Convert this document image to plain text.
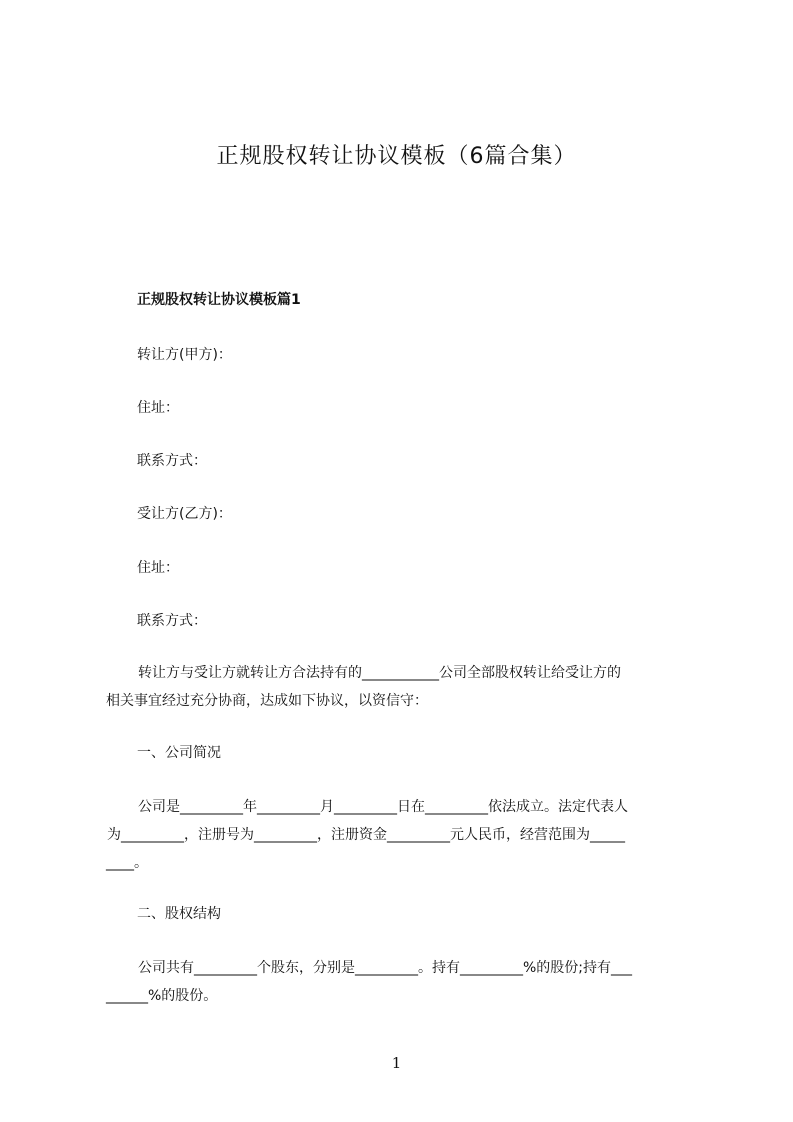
正规股权转让协议模板（6篇合集）
正规股权转让协议模板篇1
转让方(甲方)：
住址：
联系方式：
受让方(乙方)：
住址：
联系方式：
转让方与受让方就转让方合法持有的___________公司全部股权转让给受让方的
相关事宜经过充分协商，达成如下协议，以资信守：
一、公司简况
公司是_________年_________月_________日在_________依法成立。法定代表人
为_________，注册号为_________，注册资金_________元人民币，经营范围为_____
____。
二、股权结构
公司共有_________个股东，分别是_________。持有_________%的股份;持有___
______%的股份。
1
